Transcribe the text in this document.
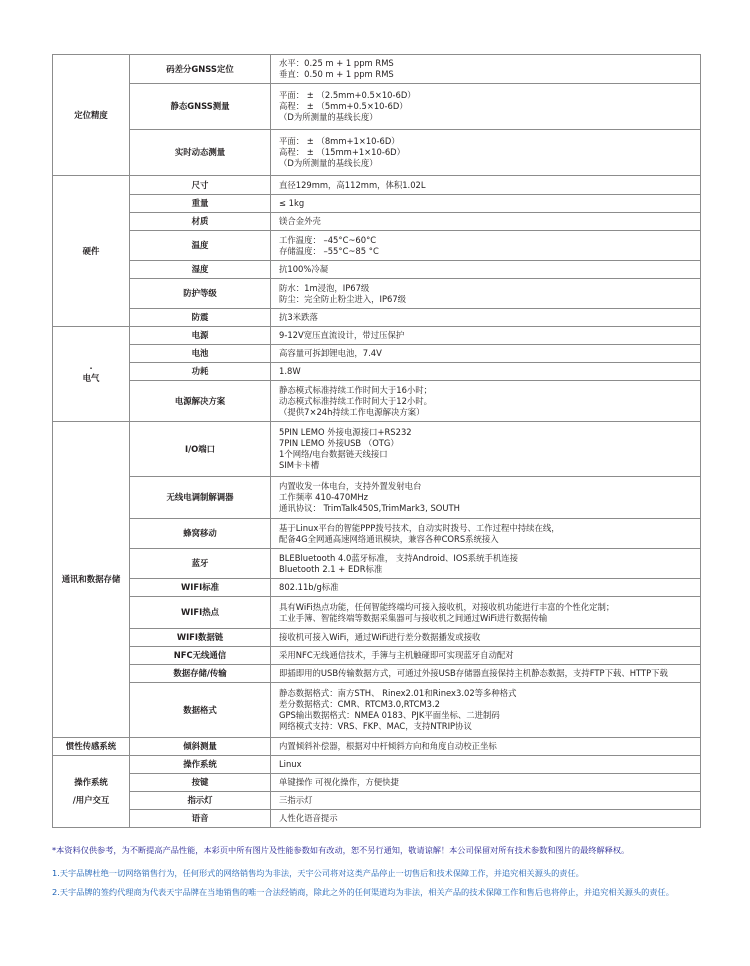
定位精度	码差分GNSS定位	水平：0.25 m + 1 ppm RMS
垂直：0.50 m + 1 ppm RMS

	静态GNSS测量	平面： ± （2.5mm+0.5×10-6D）
高程： ± （5mm+0.5×10-6D）
（D为所测量的基线长度）

	实时动态测量	平面： ± （8mm+1×10-6D）
高程： ± （15mm+1×10-6D）
（D为所测量的基线长度）

硬件	尺寸	直径129mm，高112mm，体积1.02L

	重量	≤ 1kg

	材质	镁合金外壳

	温度	工作温度： –45°C~60°C
存储温度： –55°C~85 °C

	湿度	抗100%冷凝

	防护等级	防水：1m浸泡，IP67级
防尘：完全防止粉尘进入，IP67级

	防震	抗3米跌落

·
电气	电源	9-12V宽压直流设计，带过压保护

	电池	高容量可拆卸锂电池，7.4V

	功耗	1.8W

	电源解决方案	静态模式标准持续工作时间大于16小时；
动态模式标准持续工作时间大于12小时。
（提供7×24h持续工作电源解决方案）

通讯和数据存储	I/O端口	5PIN LEMO 外接电源接口+RS232
7PIN LEMO 外接USB （OTG）
1个网络/电台数据链天线接口
SIM卡卡槽

	无线电调制解调器	内置收发一体电台，支持外置发射电台
工作频率 410-470MHz
通讯协议： TrimTalk450S,TrimMark3, SOUTH

	蜂窝移动	基于Linux平台的智能PPP拨号技术，自动实时拨号、工作过程中持续在线，
配备4G全网通高速网络通讯模块，兼容各种CORS系统接入

	蓝牙	BLEBluetooth 4.0蓝牙标准， 支持Android、IOS系统手机连接
Bluetooth 2.1 + EDR标准

	WIFI标准	802.11b/g标准

	WIFI热点	具有WiFi热点功能，任何智能终端均可接入接收机，对接收机功能进行丰富的个性化定制；
工业手簿、智能终端等数据采集器可与接收机之间通过WiFi进行数据传输

	WIFI数据链	接收机可接入WiFi，通过WiFi进行差分数据播发或接收

	NFC无线通信	采用NFC无线通信技术，手簿与主机触碰即可实现蓝牙自动配对

	数据存储/传输	即插即用的USB传输数据方式，可通过外接USB存储器直接保持主机静态数据，支持FTP下载、HTTP下载

	数据格式	静态数据格式：南方STH、 Rinex2.01和Rinex3.02等多种格式
差分数据格式：CMR、RTCM3.0,RTCM3.2
GPS输出数据格式：NMEA 0183、PJK平面坐标、二进制码
网络模式支持：VRS、FKP、MAC，支持NTRIP协议

惯性传感系统	倾斜测量	内置倾斜补偿器，根据对中杆倾斜方向和角度自动校正坐标

操作系统
/用户交互	操作系统	Linux

	按键	单键操作 可视化操作，方便快捷

	指示灯	三指示灯

	语音	人性化语音提示
*本资料仅供参考，为不断提高产品性能，本彩页中所有图片及性能参数如有改动，恕不另行通知，敬请谅解！本公司保留对所有技术参数和图片的最终解释权。
1.天宇品牌杜绝一切网络销售行为，任何形式的网络销售均为非法，天宇公司将对这类产品停止一切售后和技术保障工作，并追究相关源头的责任。
2.天宇品牌的签约代理商为代表天宇品牌在当地销售的唯一合法经销商，除此之外的任何渠道均为非法，相关产品的技术保障工作和售后也将停止，并追究相关源头的责任。
